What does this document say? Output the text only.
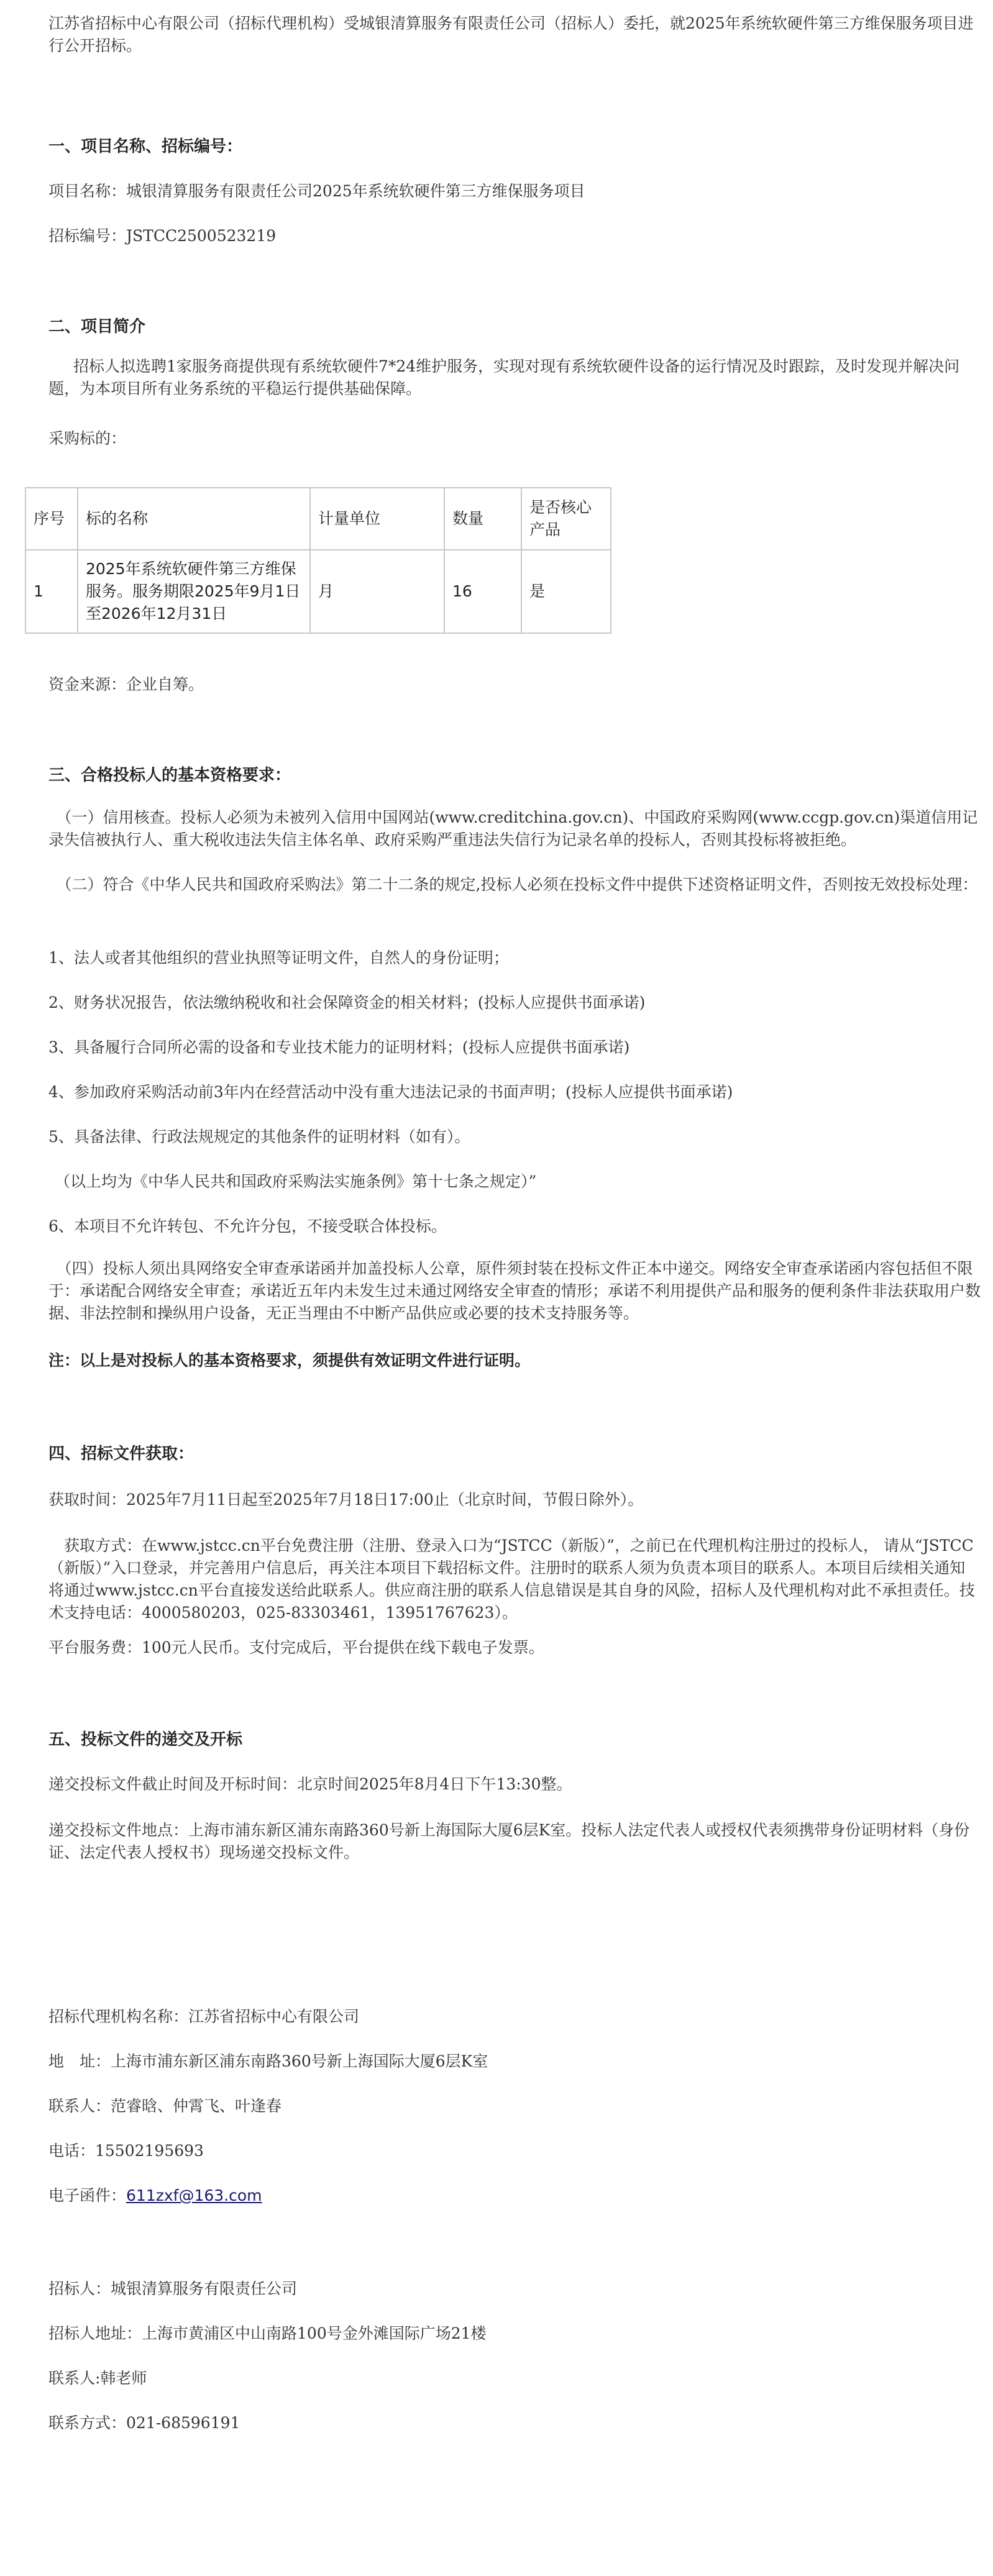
江苏省招标中心有限公司（招标代理机构）受城银清算服务有限责任公司（招标人）委托，就2025年系统软硬件第三方维保服务项目进行公开招标。
一、项目名称、招标编号：
项目名称：城银清算服务有限责任公司2025年系统软硬件第三方维保服务项目
招标编号：JSTCC2500523219
二、项目简介
招标人拟选聘1家服务商提供现有系统软硬件7*24维护服务，实现对现有系统软硬件设备的运行情况及时跟踪，及时发现并解决问题，为本项目所有业务系统的平稳运行提供基础保障。
采购标的：
序号	标的名称	计量单位	数量	是否核心产品
1	2025年系统软硬件第三方维保服务。服务期限2025年9月1日至2026年12月31日	月	16	是
资金来源：企业自筹。
三、合格投标人的基本资格要求：
（一）信用核查。投标人必须为未被列入信用中国网站(www.creditchina.gov.cn)、中国政府采购网(www.ccgp.gov.cn)渠道信用记录失信被执行人、重大税收违法失信主体名单、政府采购严重违法失信行为记录名单的投标人，否则其投标将被拒绝。
（二）符合《中华人民共和国政府采购法》第二十二条的规定,投标人必须在投标文件中提供下述资格证明文件，否则按无效投标处理：
1、法人或者其他组织的营业执照等证明文件，自然人的身份证明；
2、财务状况报告，依法缴纳税收和社会保障资金的相关材料；(投标人应提供书面承诺)
3、具备履行合同所必需的设备和专业技术能力的证明材料；(投标人应提供书面承诺)
4、参加政府采购活动前3年内在经营活动中没有重大违法记录的书面声明；(投标人应提供书面承诺)
5、具备法律、行政法规规定的其他条件的证明材料（如有）。
（以上均为《中华人民共和国政府采购法实施条例》第十七条之规定）”
6、本项目不允许转包、不允许分包，不接受联合体投标。
（四）投标人须出具网络安全审查承诺函并加盖投标人公章，原件须封装在投标文件正本中递交。网络安全审查承诺函内容包括但不限于：承诺配合网络安全审查；承诺近五年内未发生过未通过网络安全审查的情形；承诺不利用提供产品和服务的便利条件非法获取用户数据、非法控制和操纵用户设备，无正当理由不中断产品供应或必要的技术支持服务等。
注：以上是对投标人的基本资格要求，须提供有效证明文件进行证明。
四、招标文件获取：
获取时间：2025年7月11日起至2025年7月18日17:00止（北京时间，节假日除外）。
获取方式：在www.jstcc.cn平台免费注册（注册、登录入口为“JSTCC（新版）”，之前已在代理机构注册过的投标人， 请从“JSTCC（新版）”入口登录，并完善用户信息后，再关注本项目下载招标文件。注册时的联系人须为负责本项目的联系人。本项目后续相关通知将通过www.jstcc.cn平台直接发送给此联系人。供应商注册的联系人信息错误是其自身的风险，招标人及代理机构对此不承担责任。技术支持电话：4000580203，025-83303461，13951767623）。
平台服务费：100元人民币。支付完成后，平台提供在线下载电子发票。
五、投标文件的递交及开标
递交投标文件截止时间及开标时间：北京时间2025年8月4日下午13:30整。
递交投标文件地点：上海市浦东新区浦东南路360号新上海国际大厦6层K室。投标人法定代表人或授权代表须携带身份证明材料（身份证、法定代表人授权书）现场递交投标文件。
招标代理机构名称：江苏省招标中心有限公司
地　址：上海市浦东新区浦东南路360号新上海国际大厦6层K室
联系人：范睿晗、仲霄飞、叶逢春
电话：15502195693
电子函件：611zxf@163.com
招标人：城银清算服务有限责任公司
招标人地址：上海市黄浦区中山南路100号金外滩国际广场21楼
联系人:韩老师
联系方式：021-68596191
